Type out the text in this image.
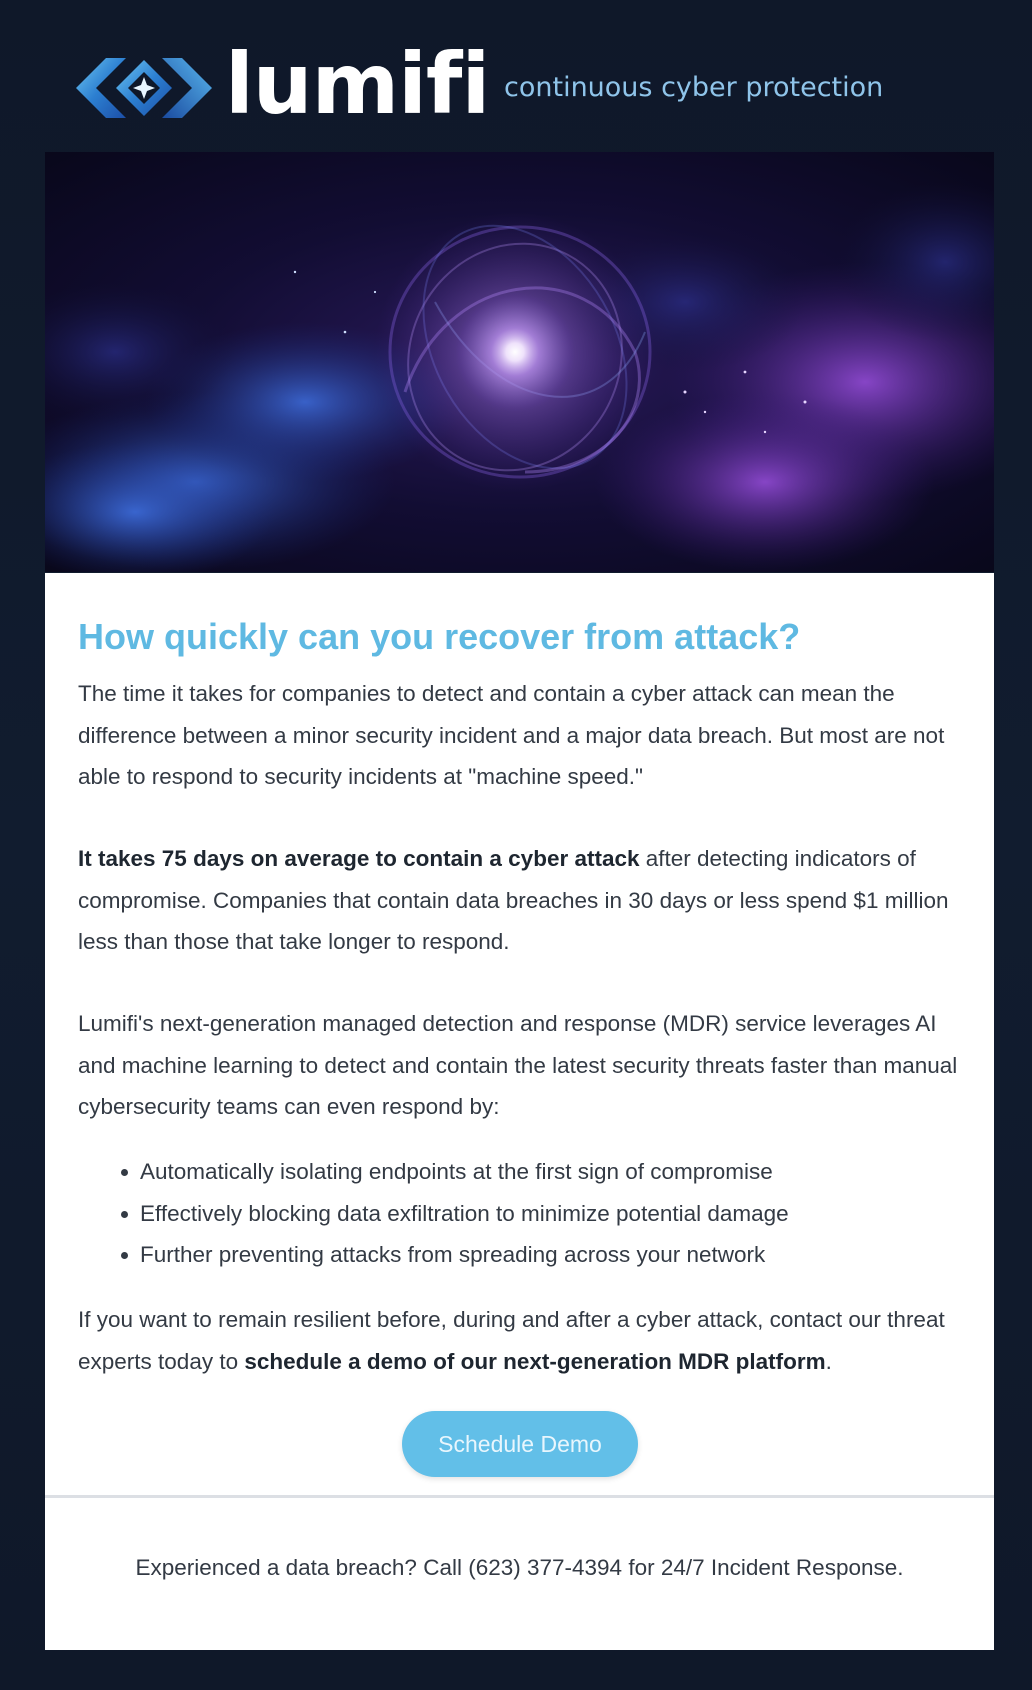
lumifi continuous cyber protection
How quickly can you recover from attack?

The time it takes for companies to detect and contain a cyber attack can mean the difference between a minor security incident and a major data breach. But most are not able to respond to security incidents at "machine speed."

It takes 75 days on average to contain a cyber attack after detecting indicators of compromise. Companies that contain data breaches in 30 days or less spend $1 million less than those that take longer to respond.

Lumifi's next-generation managed detection and response (MDR) service leverages AI and machine learning to detect and contain the latest security threats faster than manual cybersecurity teams can even respond by:

Automatically isolating endpoints at the first sign of compromise
Effectively blocking data exfiltration to minimize potential damage
Further preventing attacks from spreading across your network

If you want to remain resilient before, during and after a cyber attack, contact our threat experts today to schedule a demo of our next-generation MDR platform.

Schedule Demo
Experienced a data breach? Call (623) 377-4394 for 24/7 Incident Response.
